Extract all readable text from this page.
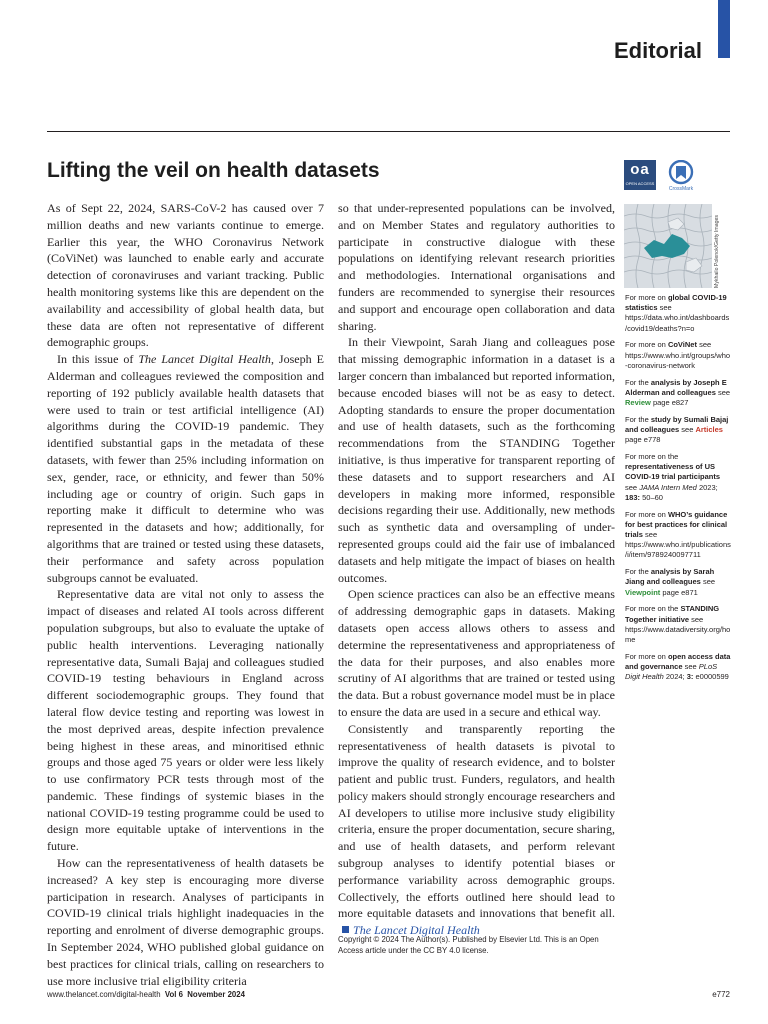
Editorial
Lifting the veil on health datasets

As of Sept 22, 2024, SARS-CoV-2 has caused over 7 million deaths and new variants continue to emerge. Earlier this year, the WHO Coronavirus Network (CoViNet) was launched to enable early and accurate detection of coronaviruses and variant tracking. Public health monitoring systems like this are dependent on the availability and accessibility of global health data, but these data are often not representative of different demographic groups.

In this issue of The Lancet Digital Health, Joseph E Alderman and colleagues reviewed the composition and reporting of 192 publicly available health datasets that were used to train or test artificial intelligence (AI) algorithms during the COVID-19 pandemic. They identified substantial gaps in the metadata of these datasets, with fewer than 25% including information on sex, gender, race, or ethnicity, and fewer than 50% including age or country of origin. Such gaps in reporting make it difficult to determine who was represented in the datasets and how; additionally, for algorithms that are trained or tested using these datasets, their performance and safety across population subgroups cannot be evaluated.

Representative data are vital not only to assess the impact of diseases and related AI tools across different population subgroups, but also to evaluate the uptake of public health interventions. Leveraging nationally representative data, Sumali Bajaj and colleagues studied COVID-19 testing behaviours in England across different sociodemographic groups. They found that lateral flow device testing and reporting was lowest in the most deprived areas, despite infection prevalence being highest in these areas, and minoritised ethnic groups and those aged 75 years or older were less likely to use confirmatory PCR tests through most of the pandemic. These findings of systemic biases in the national COVID-19 testing programme could be used to design more equitable uptake of interventions in the future.

How can the representativeness of health datasets be increased? A key step is encouraging more diverse participation in research. Analyses of participants in COVID-19 clinical trials highlight inadequacies in the reporting and enrolment of diverse demographic groups. In September 2024, WHO published global guidance on best practices for clinical trials, calling on researchers to use more inclusive trial eligibility criteria

so that under-represented populations can be involved, and on Member States and regulatory authorities to participate in constructive dialogue with these populations on identifying relevant research priorities and methodologies. International organisations and funders are recommended to synergise their resources and support and encourage open collaboration and data sharing.

In their Viewpoint, Sarah Jiang and colleagues pose that missing demographic information in a dataset is a larger concern than imbalanced but reported information, because encoded biases will not be as easy to detect. Adopting standards to ensure the proper documentation and use of health datasets, such as the forthcoming recommendations from the STANDING Together initiative, is thus imperative for transparent reporting of these datasets and to support researchers and AI developers in making more informed, responsible decisions regarding their use. Additionally, new methods such as synthetic data and oversampling of under-represented groups could aid the fair use of imbalanced datasets and help mitigate the impact of biases on health outcomes.

Open science practices can also be an effective means of addressing demographic gaps in datasets. Making datasets open access allows others to assess and determine the representativeness and appropriateness of the data for their purposes, and also enables more scrutiny of AI algorithms that are trained or tested using the data. But a robust governance model must be in place to ensure the data are used in a secure and ethical way.

Consistently and transparently reporting the representativeness of health datasets is pivotal to improve the quality of research evidence, and to bolster patient and public trust. Funders, regulators, and health policy makers should strongly encourage researchers and AI developers to utilise more inclusive study eligibility criteria, ensure the proper documentation, secure sharing, and use of health datasets, and perform relevant subgroup analyses to identify potential biases or performance variability across demographic groups. Collectively, the efforts outlined here should lead to more equitable datasets and innovations that benefit all.The Lancet Digital Health

Copyright © 2024 The Author(s). Published by Elsevier Ltd. This is an Open Access article under the CC BY 4.0 license.

oa
OPEN ACCESS
CrossMark
Mykhailo Polenok/Getty Images

For more on global COVID-19 statistics see https://data.who.int/dashboards/covid19/deaths?n=o

For more on CoViNet see https://www.who.int/groups/who-coronavirus-network

For the analysis by Joseph E Alderman and colleagues see Review page e827

For the study by Sumali Bajaj and colleagues see Articles page e778

For more on the representativeness of US COVID-19 trial participants see JAMA Intern Med 2023; 183: 50–60

For more on WHO’s guidance for best practices for clinical trials see https://www.who.int/publications/i/item/9789240097711

For the analysis by Sarah Jiang and colleagues see Viewpoint page e871

For more on the STANDING Together initiative see https://www.datadiversity.org/home

For more on open access data and governance see PLoS Digit Health 2024; 3: e0000599

www.thelancet.com/digital-health Vol 6 November 2024	e772
